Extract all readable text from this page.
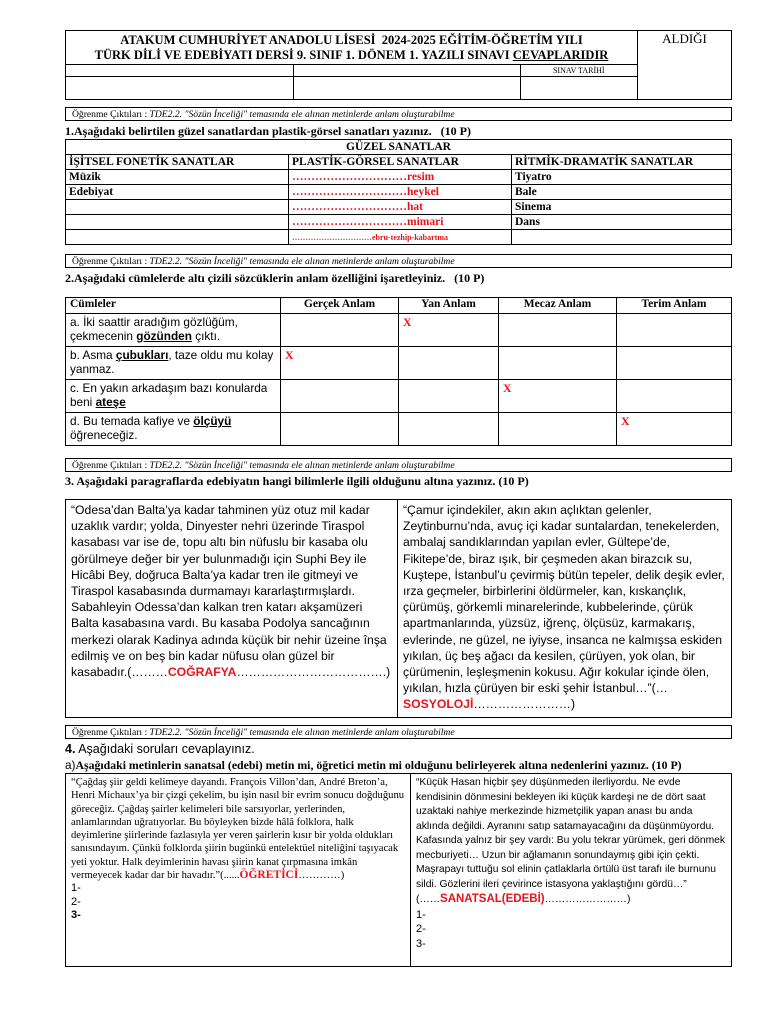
ATAKUM CUMHURİYET ANADOLU LİSESİ  2024-2025 EĞİTİM-ÖĞRETİM YILI
TÜRK DİLİ VE EDEBİYATI DERSİ 9. SINIF 1. DÖNEM 1. YAZILI SINAVI CEVAPLARIDIR
	ALDIĞI

		SINAV TARİHİ

Öğrenme Çıktıları : TDE2.2. "Sözün İnceliği" temasında ele alınan metinlerde anlam oluşturabilme
1.Aşağıdaki belirtilen güzel sanatlardan plastik-görsel sanatları yazınız.   (10 P)
GÜZEL SANATLAR		
İŞİTSEL FONETİK SANATLAR	PLASTİK-GÖRSEL SANATLAR	RİTMİK-DRAMATİK SANATLAR
Müzik	…………………………resim	Tiyatro
Edebiyat	…………………………heykel	Bale
	…………………………hat	Sinema
	…………………………mimari	Dans
	…………………………ebru-tezhip-kabartma	
Öğrenme Çıktıları : TDE2.2. "Sözün İnceliği" temasında ele alınan metinlerde anlam oluşturabilme
2.Aşağıdaki cümlelerde altı çizili sözcüklerin anlam özelliğini işaretleyiniz.   (10 P)
Cümleler	Gerçek Anlam	Yan Anlam	Mecaz Anlam	Terim Anlam
a. İki saattir aradığım gözlüğüm, çekmecenin gözünden çıktı.		X		
b. Asma çubukları, taze oldu mu kolay yanmaz.	X			
c. En yakın arkadaşım bazı konularda beni ateşe			X	
d. Bu temada kafiye ve ölçüyü öğreneceğiz.				X
Öğrenme Çıktıları : TDE2.2. "Sözün İnceliği" temasında ele alınan metinlerde anlam oluşturabilme
3. Aşağıdaki paragraflarda edebiyatın hangi bilimlerle ilgili olduğunu altına yazınız. (10 P)
“Odesa’dan Balta’ya kadar tahminen yüz otuz mil kadar uzaklık vardır; yolda, Dinyester nehri üzerinde Tiraspol kasabası var ise de, topu altı bin nüfuslu bir kasaba olu görülmeye değer bir yer bulunmadığı için Suphi Bey ile Hicâbi Bey, doğruca Balta’ya kadar tren ile gitmeyi ve Tiraspol kasabasında durmamayı kararlaştırmışlardı. Sabahleyin Odessa’dan kalkan tren katarı akşamüzeri Balta kasabasına vardı. Bu kasaba Podolya sancağının merkezi olarak Kadinya adında küçük bir nehir üzeine înşa edilmiş ve on beş bin kadar nüfusu olan güzel bir kasabadır.(………COĞRAFYA……………………………….)	“Çamur içindekiler, akın akın açlıktan gelenler, Zeytinburnu’nda, avuç içi kadar suntalardan, tenekelerden, ambalaj sandıklarından yapılan evler, Gültepe’de, Fikitepe’de, biraz ışık, bir çeşmeden akan birazcık su, Kuştepe, İstanbul’u çevirmiş bütün tepeler, delik deşik evler, ırza geçmeler, birbirlerini öldürmeler, kan, kıskançlık, çürümüş, görkemli minarelerinde, kubbelerinde, çürük apartmanlarında, yüzsüz, iğrenç, ölçüsüz, karmakarış, evlerinde, ne güzel, ne iyiyse, insanca ne kalmışsa eskiden yıkılan, üç beş ağacı da kesilen, çürüyen, yok olan, bir çürümenin, leşleşmenin kokusu. Ağır kokular içinde ölen, yıkılan, hızla çürüyen bir eski şehir İstanbul…”(…SOSYOLOJİ……………………)
Öğrenme Çıktıları : TDE2.2. "Sözün İnceliği" temasında ele alınan metinlerde anlam oluşturabilme
4. Aşağıdaki soruları cevaplayınız.
a)Aşağıdaki metinlerin sanatsal (edebi) metin mi, öğretici metin mi olduğunu belirleyerek altına nedenlerini yazınız. (10 P)
“Çağdaş şiir geldi kelimeye dayandı. François Villon’dan, André Breton’a, Henri Michaux’ya bir çizgi çekelim, bu işin nasıl bir evrim sonucu doğduğunu göreceğiz. Çağdaş şairler kelimeleri bile sarsıyorlar, yerlerinden, anlamlarından uğratıyorlar. Bu böyleyken bizde hâlâ folklora, halk deyimlerine şiirlerinde fazlasıyla yer veren şairlerin kısır bir yolda oldukları sanısındayım. Çünkü folklorda şiirin bugünkü entelektüel niteliğini taşıyacak yeti yoktur. Halk deyimlerinin havası şiirin kanat çırpmasına imkân vermeyecek kadar dar bir havadır.”(......ÖĞRETİCİ…………)
1-
2-
3-

“Küçük Hasan hiçbir şey düşünmeden ilerliyordu. Ne evde kendisinin dönmesini bekleyen iki küçük kardeşi ne de dört saat uzaktaki nahiye merkezinde hizmetçilik yapan anası bu anda aklında değildi. Ayranını satıp satamayacağını da düşünmüyordu. Kafasında yalnız bir şey vardı: Bu yolu tekrar yürümek, geri dönmek mecburiyeti… Uzun bir ağlamanın sonundaymış gibi için çekti. Maşrapayı tuttuğu sol elinin çatlaklarla örtülü üst tarafı ile burnunu sildi. Gözlerini ileri çevirince istasyona yaklaştığını gördü…”
(……SANATSAL(EDEBİ)……………………)
1-
2-
3-
